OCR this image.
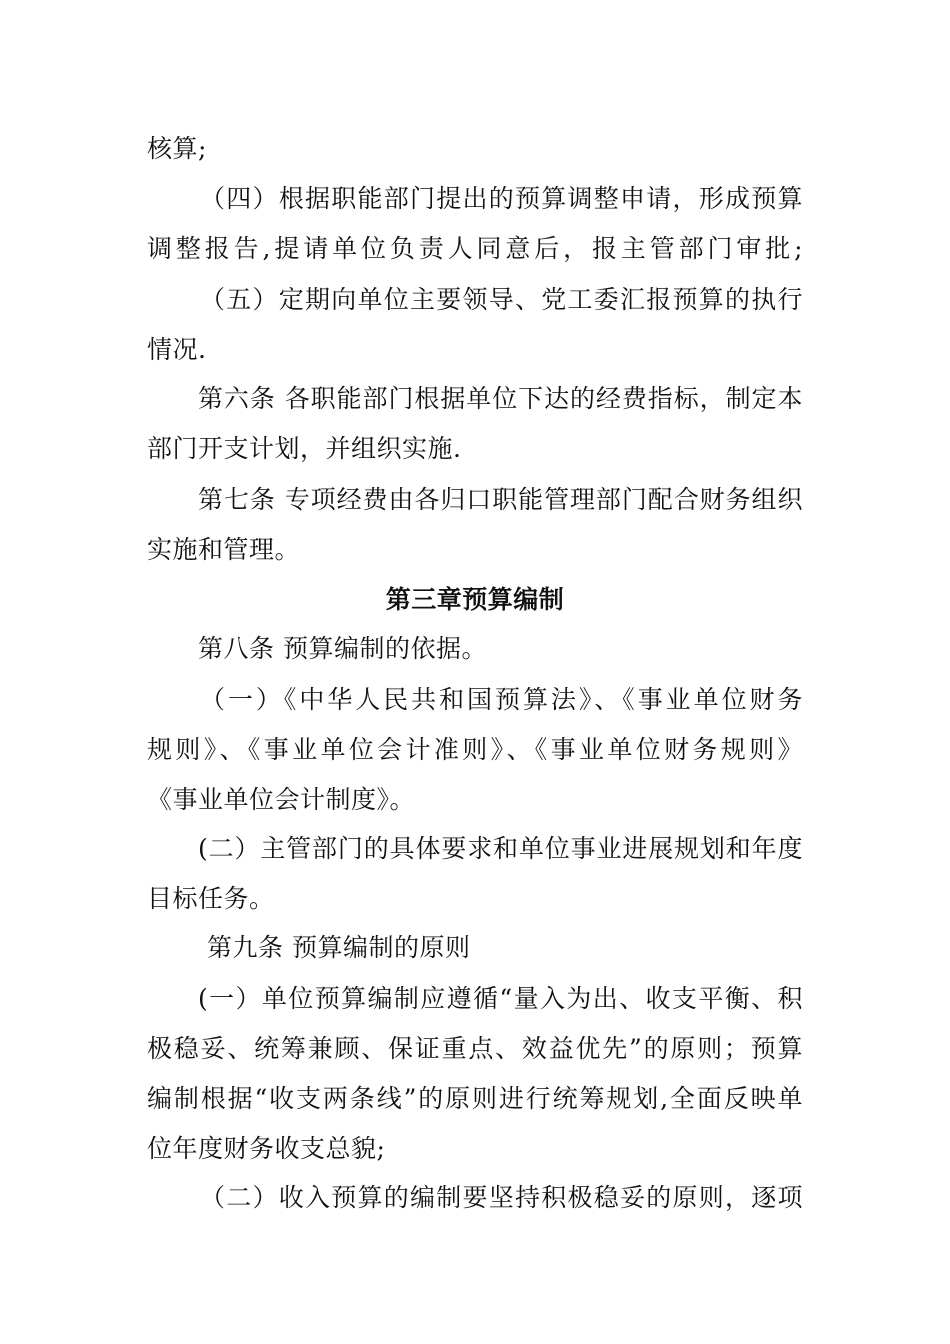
核算;
（四）根据职能部门提出的预算调整申请，形成预算
调整报告,提请单位负责人同意后，报主管部门审批;
（五）定期向单位主要领导、党工委汇报预算的执行
情况.
第六条 各职能部门根据单位下达的经费指标，制定本
部门开支计划，并组织实施.
第七条 专项经费由各归口职能管理部门配合财务组织
实施和管理。
第三章预算编制
第八条 预算编制的依据。
（一）《中华人民共和国预算法》、《事业单位财务
规则》、《事业单位会计准则》、《事业单位财务规则》
《事业单位会计制度》。
(二）主管部门的具体要求和单位事业进展规划和年度
目标任务。
第九条 预算编制的原则
(一）单位预算编制应遵循“量入为出、收支平衡、积
极稳妥、统筹兼顾、保证重点、效益优先”的原则；预算
编制根据“收支两条线”的原则进行统筹规划,全面反映单
位年度财务收支总貌;
（二）收入预算的编制要坚持积极稳妥的原则，逐项
